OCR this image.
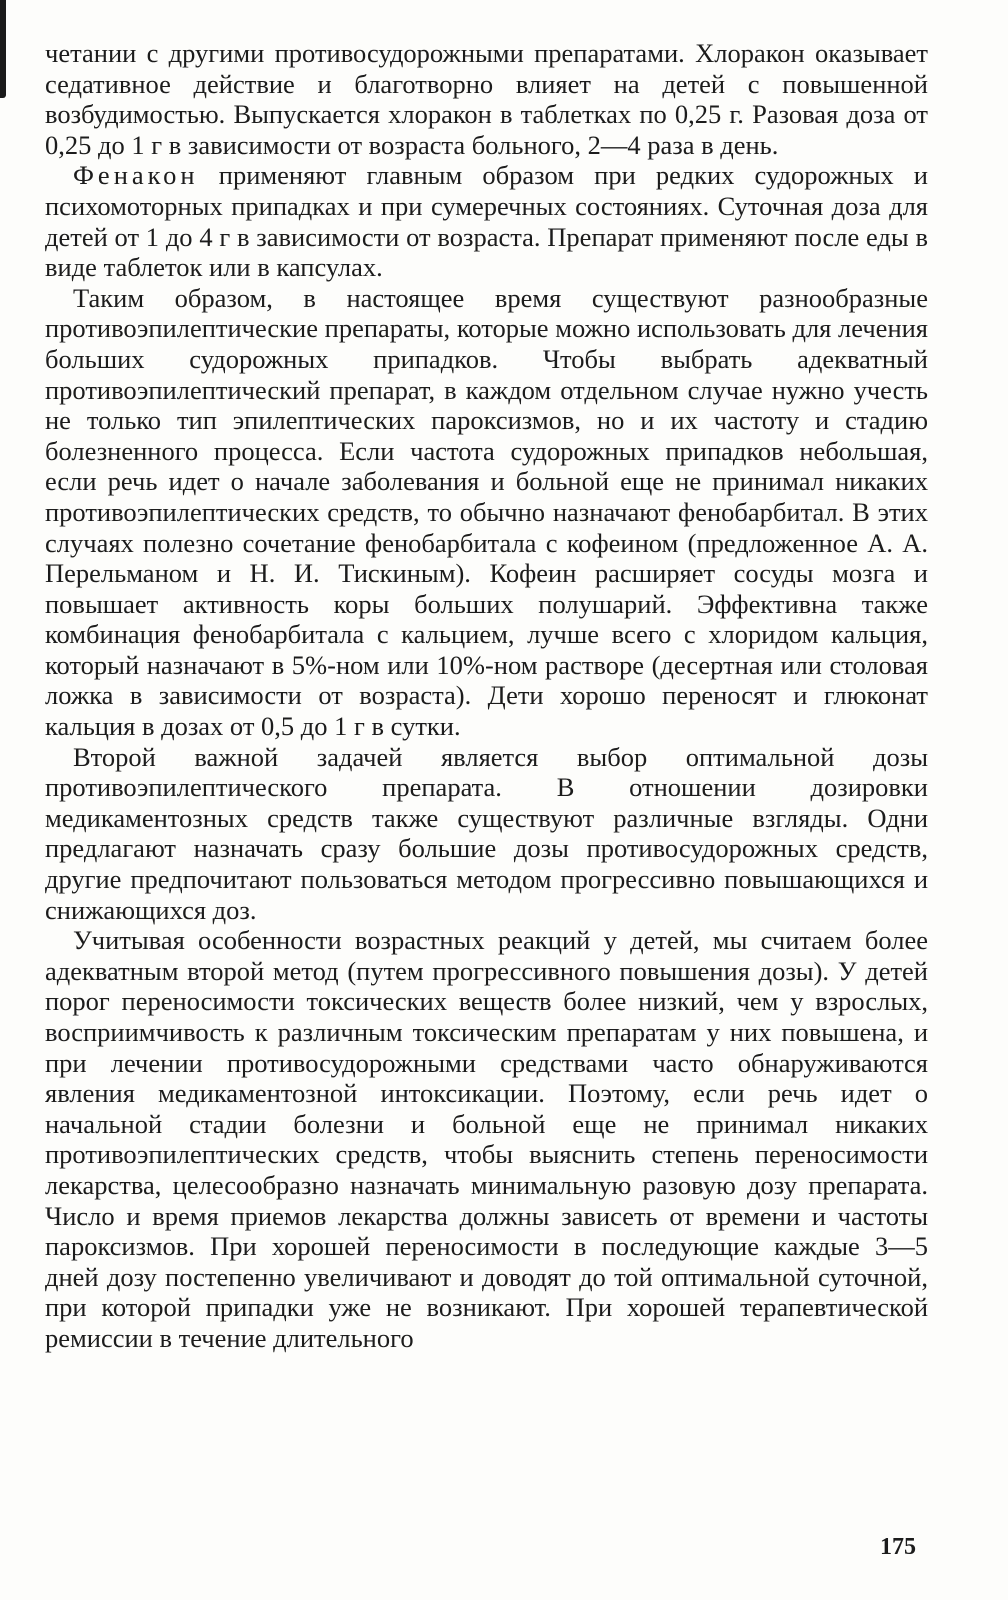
четании с другими противосудорожными препаратами. Хлоракон оказывает седативное действие и благотворно влияет на детей с повышенной возбудимостью. Выпускается хлоракон в таблетках по 0,25 г. Разовая доза от 0,25 до 1 г в зависимости от возраста больного, 2—4 раза в день.

Фенакон применяют главным образом при редких судорожных и психомоторных припадках и при сумеречных состояниях. Суточная доза для детей от 1 до 4 г в зависимости от возраста. Препарат применяют после еды в виде таблеток или в капсулах.

Таким образом, в настоящее время существуют разнообразные противоэпилептические препараты, которые можно использовать для лечения больших судорожных припадков. Чтобы выбрать адекватный противоэпилептический препарат, в каждом отдельном случае нужно учесть не только тип эпилептических пароксизмов, но и их частоту и стадию болезненного процесса. Если частота судорожных припадков небольшая, если речь идет о начале заболевания и больной еще не принимал никаких противоэпилептических средств, то обычно назначают фенобарбитал. В этих случаях полезно сочетание фенобарбитала с кофеином (предложенное А. А. Перельманом и Н. И. Тискиным). Кофеин расширяет сосуды мозга и повышает активность коры больших полушарий. Эффективна также комбинация фенобарбитала с кальцием, лучше всего с хлоридом кальция, который назначают в 5%-ном или 10%-ном растворе (десертная или столовая ложка в зависимости от возраста). Дети хорошо переносят и глюконат кальция в дозах от 0,5 до 1 г в сутки.

Второй важной задачей является выбор оптимальной дозы противоэпилептического препарата. В отношении дозировки медикаментозных средств также существуют различные взгляды. Одни предлагают назначать сразу большие дозы противосудорожных средств, другие предпочитают пользоваться методом прогрессивно повышающихся и снижающихся доз.

Учитывая особенности возрастных реакций у детей, мы считаем более адекватным второй метод (путем прогрессивного повышения дозы). У детей порог переносимости токсических веществ более низкий, чем у взрослых, восприимчивость к различным токсическим препаратам у них повышена, и при лечении противосудорожными средствами часто обнаруживаются явления медикаментозной интоксикации. Поэтому, если речь идет о начальной стадии болезни и больной еще не принимал никаких противоэпилептических средств, чтобы выяснить степень переносимости лекарства, целесообразно назначать минимальную разовую дозу препарата. Число и время приемов лекарства должны зависеть от времени и частоты пароксизмов. При хорошей переносимости в последующие каждые 3—5 дней дозу постепенно увеличивают и доводят до той оптимальной суточной, при которой припадки уже не возникают. При хорошей терапевтической ремиссии в течение длительного

175
